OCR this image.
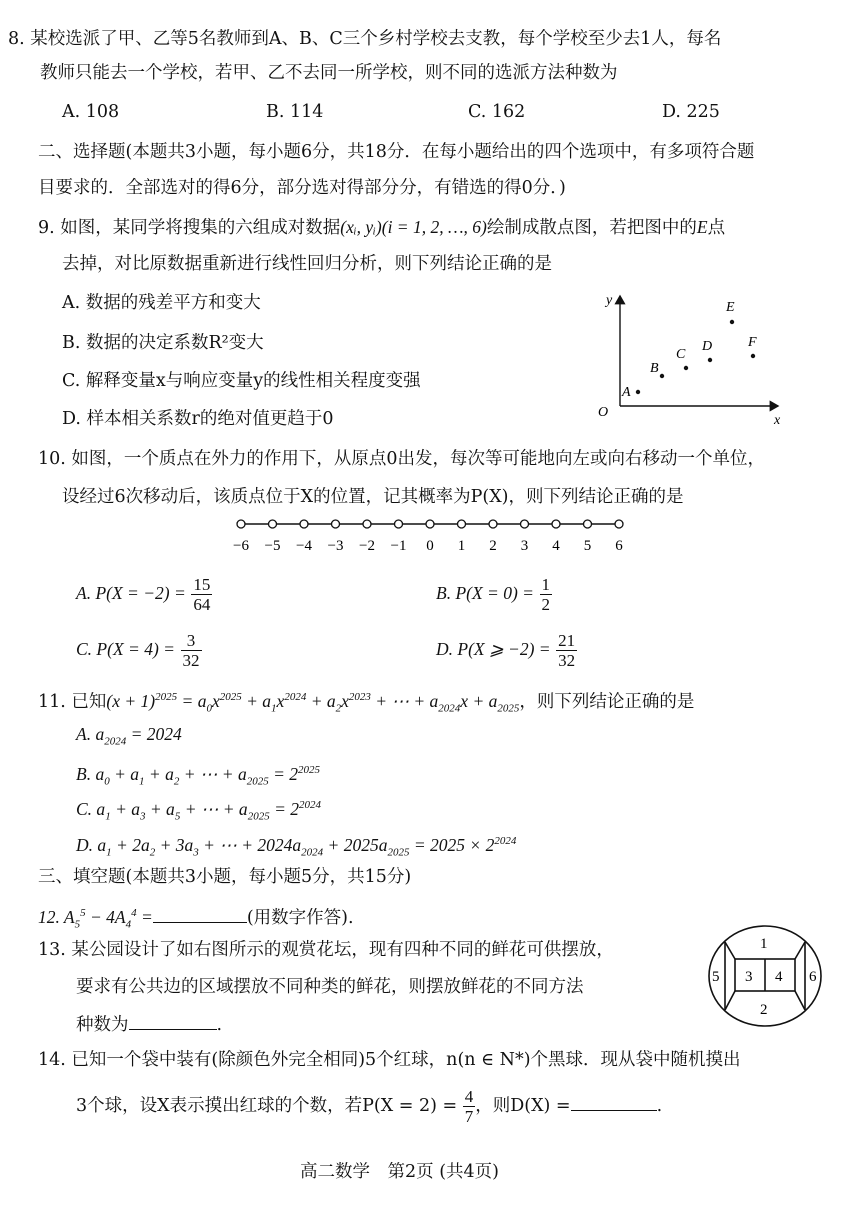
8. 某校选派了甲、乙等5名教师到A、B、C三个乡村学校去支教，每个学校至少去1人，每名
教师只能去一个学校，若甲、乙不去同一所学校，则不同的选派方法种数为
A. 108	B. 114	C. 162	D. 225
二、选择题(本题共3小题，每小题6分，共18分．在每小题给出的四个选项中，有多项符合题
目要求的．全部选对的得6分，部分选对得部分分，有错选的得0分．)
9. 如图，某同学将搜集的六组成对数据(xᵢ, yᵢ)(i = 1, 2, …, 6)绘制成散点图，若把图中的E点
去掉，对比原数据重新进行线性回归分析，则下列结论正确的是
A. 数据的残差平方和变大
B. 数据的决定系数R²变大
C. 解释变量x与响应变量y的线性相关程度变强
D. 样本相关系数r的绝对值更趋于0
y
x
O
A
B
C
D
E
F
10. 如图，一个质点在外力的作用下，从原点0出发，每次等可能地向左或向右移动一个单位，
设经过6次移动后，该质点位于X的位置，记其概率为P(X)，则下列结论正确的是
−6 −5 −4 −3 −2 −1 0 1 2 3 4 5 6
A. $P(X = -2) = \frac{15}{64}$	B. $P(X = 0) = \frac{1}{2}$
C. $P(X = 4) = \frac{3}{32}$	D. P(X ⩾ $-2) = \frac{21}{32}$
11. 已知$(x + 1)^{2025} = a_0x^{2025} + a_1x^{2024} + a_2x^{2023}$ + ⋯ + $a_{2024}x + a_{2025}$，则下列结论正确的是
A. $a_{2024} = 2024$
B. $a_0 + a_1 + a_2$ + ⋯ + $a_{2025} = 2^{2025}$
C. $a_1 + a_3 + a_5$ + ⋯ + $a_{2025} = 2^{2024}$
D. $a_1 + 2a_2 + 3a_3$ + ⋯ + $2024a_{2024} + 2025a_{2025} = 2025 \times 2^{2024}$
三、填空题(本题共3小题，每小题5分，共15分)
12. $A_5^5 - 4A_4^4$ =	(用数字作答).
13. 某公园设计了如右图所示的观赏花坛，现有四种不同的鲜花可供摆放，
要求有公共边的区域摆放不同种类的鲜花，则摆放鲜花的不同方法
种数为	.
1
2
3 4
5	6
14. 已知一个袋中装有(除颜色外完全相同)5个红球，n(n ∈ N*)个黑球．现从袋中随机摸出
3个球，设X表示摸出红球的个数，若$P(X = 2) = \frac{4}{7}$ ，则D(X) =	.
高二数学　第2页 (共4页)
